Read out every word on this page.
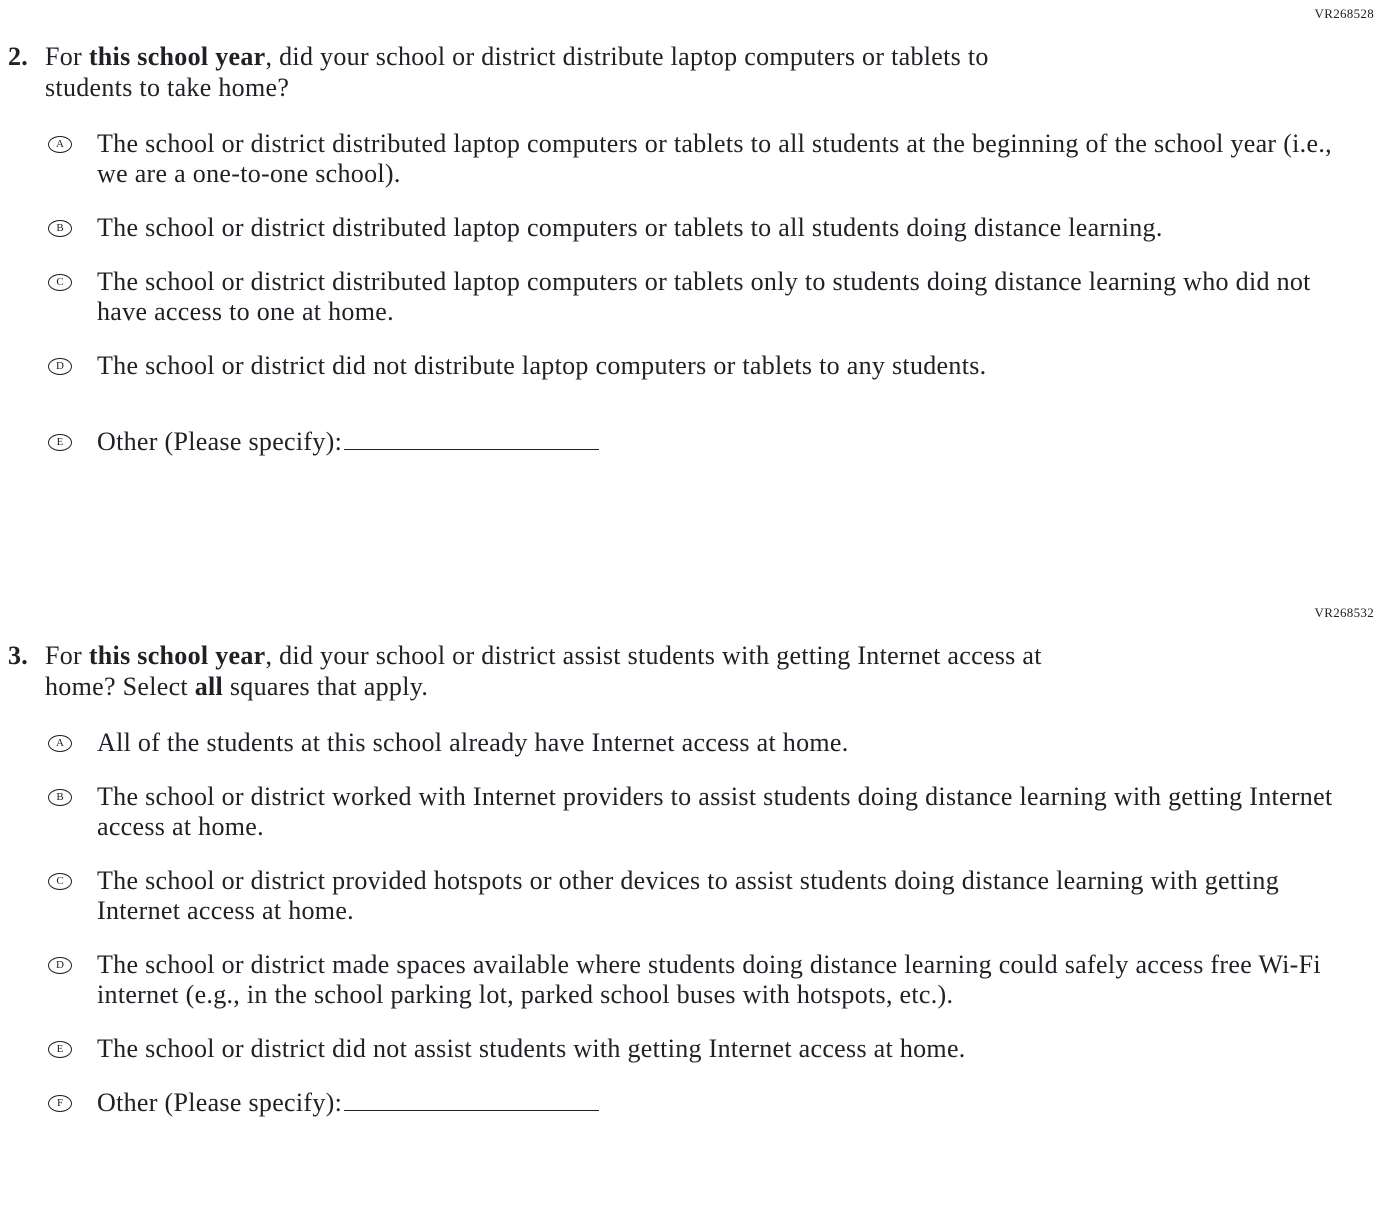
VR268528
2. For this school year, did your school or district distribute laptop computers or tablets to students to take home?

A The school or district distributed laptop computers or tablets to all students at the beginning of the school year (i.e., we are a one-to-one school).
B The school or district distributed laptop computers or tablets to all students doing distance learning.
C The school or district distributed laptop computers or tablets only to students doing distance learning who did not have access to one at home.
D The school or district did not distribute laptop computers or tablets to any students.
E Other (Please specify):
VR268532
3. For this school year, did your school or district assist students with getting Internet access at home? Select all squares that apply.

A All of the students at this school already have Internet access at home.
B The school or district worked with Internet providers to assist students doing distance learning with getting Internet access at home.
C The school or district provided hotspots or other devices to assist students doing distance learning with getting Internet access at home.
D The school or district made spaces available where students doing distance learning could safely access free Wi-Fi internet (e.g., in the school parking lot, parked school buses with hotspots, etc.).
E The school or district did not assist students with getting Internet access at home.
F	Other (Please specify):
